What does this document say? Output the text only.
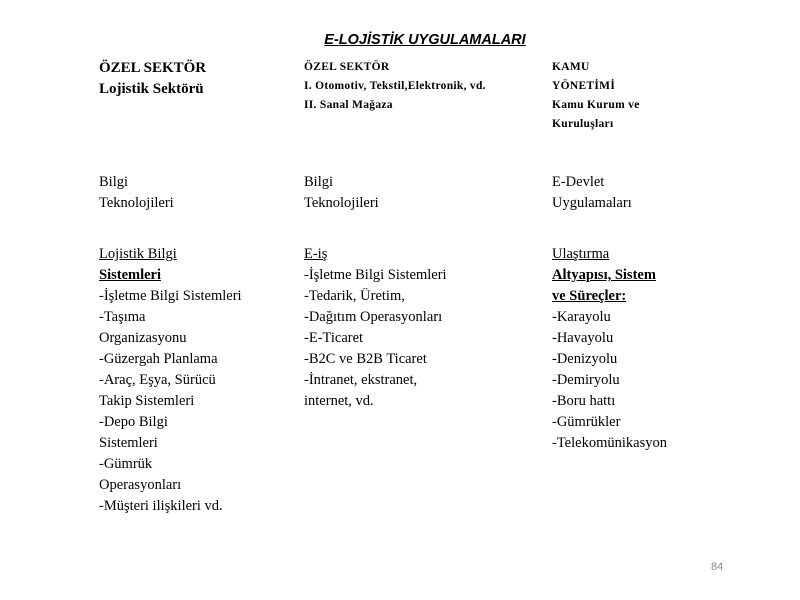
E-LOJİSTİK UYGULAMALARI
ÖZEL SEKTÖR
Lojistik Sektörü
ÖZEL SEKTÖR
I. Otomotiv, Tekstil,Elektronik, vd.
II. Sanal Mağaza
KAMU
YÖNETİMİ
Kamu Kurum ve
Kuruluşları
Bilgi
Teknolojileri
Bilgi
Teknolojileri
E-Devlet
Uygulamaları
Lojistik Bilgi
Sistemleri
-İşletme Bilgi Sistemleri
-Taşıma
Organizasyonu
-Güzergah Planlama
-Araç, Eşya, Sürücü
Takip Sistemleri
-Depo Bilgi
Sistemleri
-Gümrük
Operasyonları
-Müşteri ilişkileri vd.
E-iş
-İşletme Bilgi Sistemleri
-Tedarik, Üretim,
-Dağıtım Operasyonları
-E-Ticaret
-B2C ve B2B Ticaret
-İntranet, ekstranet,
internet, vd.
Ulaştırma
Altyapısı, Sistem
ve Süreçler:
-Karayolu
-Havayolu
-Denizyolu
-Demiryolu
-Boru hattı
-Gümrükler
-Telekomünikasyon
84
